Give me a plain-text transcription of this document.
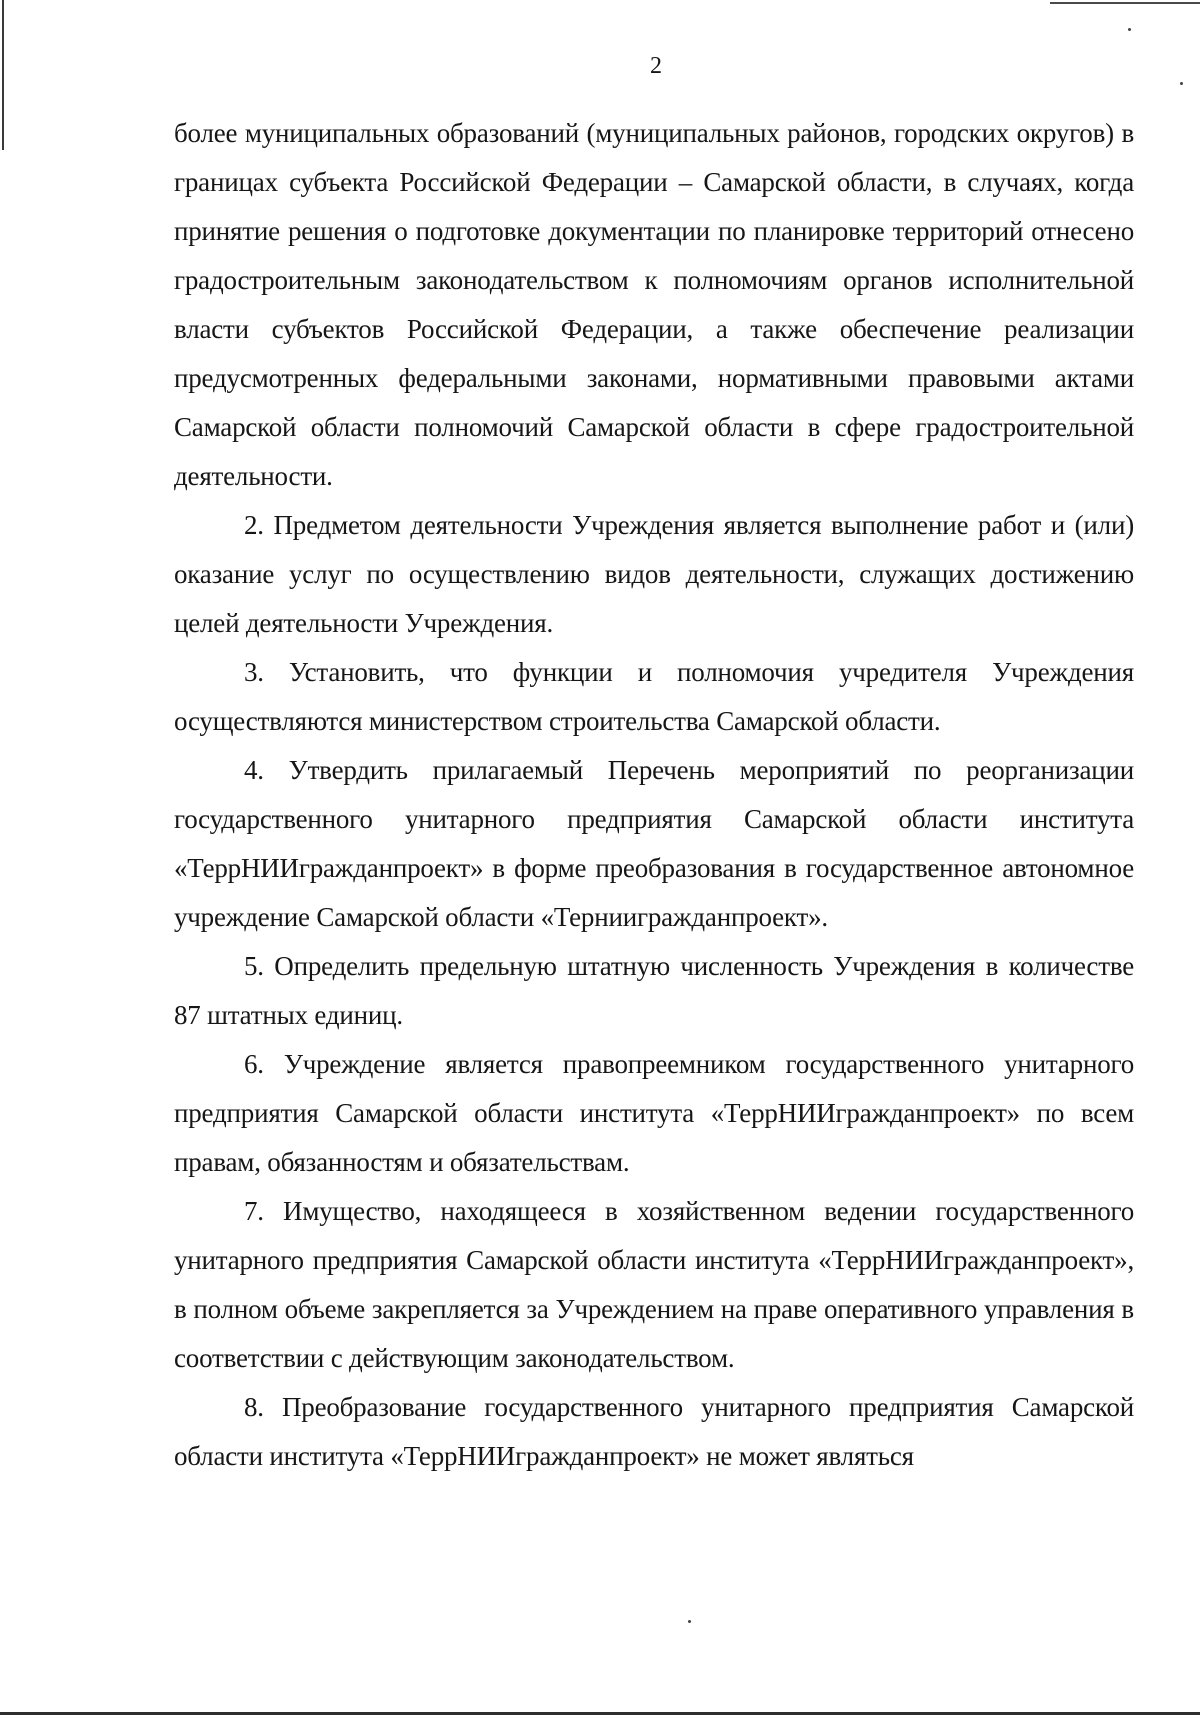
2

более муниципальных образований (муниципальных районов, городских округов) в границах субъекта Российской Федерации – Самарской области, в случаях, когда принятие решения о подготовке документации по планировке территорий отнесено градостроительным законодательством к полномочиям органов исполнительной власти субъектов Российской Федерации, а также обеспечение реализации предусмотренных федеральными законами, нормативными правовыми актами Самарской области полномочий Самарской области в сфере градостроительной деятельности.

2. Предметом деятельности Учреждения является выполнение работ и (или) оказание услуг по осуществлению видов деятельности, служащих достижению целей деятельности Учреждения.

3. Установить, что функции и полномочия учредителя Учреждения осуществляются министерством строительства Самарской области.

4. Утвердить прилагаемый Перечень мероприятий по реорганизации государственного унитарного предприятия Самарской области института «ТеррНИИгражданпроект» в форме преобразования в государственное автономное учреждение Самарской области «Терниигражданпроект».

5. Определить предельную штатную численность Учреждения в количестве 87 штатных единиц.

6. Учреждение является правопреемником государственного унитарного предприятия Самарской области института «ТеррНИИгражданпроект» по всем правам, обязанностям и обязательствам.

7. Имущество, находящееся в хозяйственном ведении государственного унитарного предприятия Самарской области института «ТеррНИИгражданпроект», в полном объеме закрепляется за Учреждением на праве оперативного управления в соответствии с действующим законодательством.

8. Преобразование государственного унитарного предприятия Самарской области института «ТеррНИИгражданпроект» не может являться
